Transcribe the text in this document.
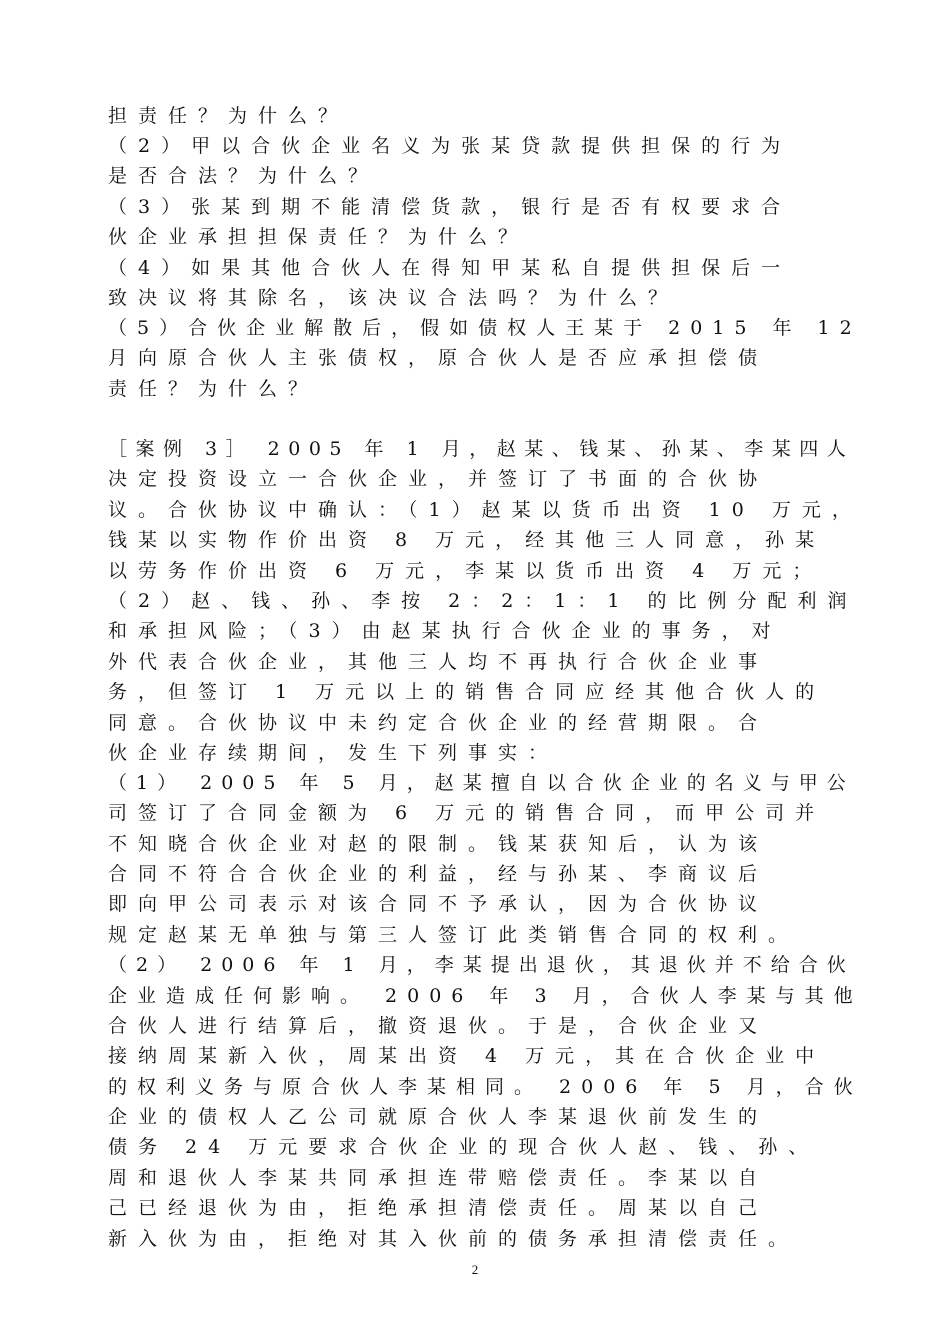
担责任？为什么？
（2）甲以合伙企业名义为张某贷款提供担保的行为
是否合法？为什么？
（3）张某到期不能清偿货款，银行是否有权要求合
伙企业承担担保责任？为什么？
（4）如果其他合伙人在得知甲某私自提供担保后一
致决议将其除名，该决议合法吗？为什么？
（5）合伙企业解散后，假如债权人王某于 2015 年 12
月向原合伙人主张债权，原合伙人是否应承担偿债
责任？为什么？
［案例 3］ 2005 年 1 月，赵某、钱某、孙某、李某四人
决定投资设立一合伙企业，并签订了书面的合伙协
议。合伙协议中确认：（1）赵某以货币出资 10 万元，
钱某以实物作价出资 8 万元，经其他三人同意，孙某
以劳务作价出资 6 万元，李某以货币出资 4 万元；
（2）赵、钱、孙、李按 2：2：1：1 的比例分配利润
和承担风险；（3）由赵某执行合伙企业的事务，对
外代表合伙企业，其他三人均不再执行合伙企业事
务，但签订 1 万元以上的销售合同应经其他合伙人的
同意。合伙协议中未约定合伙企业的经营期限。合
伙企业存续期间，发生下列事实：
（1） 2005 年 5 月，赵某擅自以合伙企业的名义与甲公
司签订了合同金额为 6 万元的销售合同，而甲公司并
不知晓合伙企业对赵的限制。钱某获知后，认为该
合同不符合合伙企业的利益，经与孙某、李商议后
即向甲公司表示对该合同不予承认，因为合伙协议
规定赵某无单独与第三人签订此类销售合同的权利。
（2） 2006 年 1 月，李某提出退伙，其退伙并不给合伙
企业造成任何影响。 2006 年 3 月，合伙人李某与其他
合伙人进行结算后，撤资退伙。于是，合伙企业又
接纳周某新入伙，周某出资 4 万元，其在合伙企业中
的权利义务与原合伙人李某相同。 2006 年 5 月，合伙
企业的债权人乙公司就原合伙人李某退伙前发生的
债务 24 万元要求合伙企业的现合伙人赵、钱、孙、
周和退伙人李某共同承担连带赔偿责任。李某以自
己已经退伙为由，拒绝承担清偿责任。周某以自己
新入伙为由，拒绝对其入伙前的债务承担清偿责任。
2
